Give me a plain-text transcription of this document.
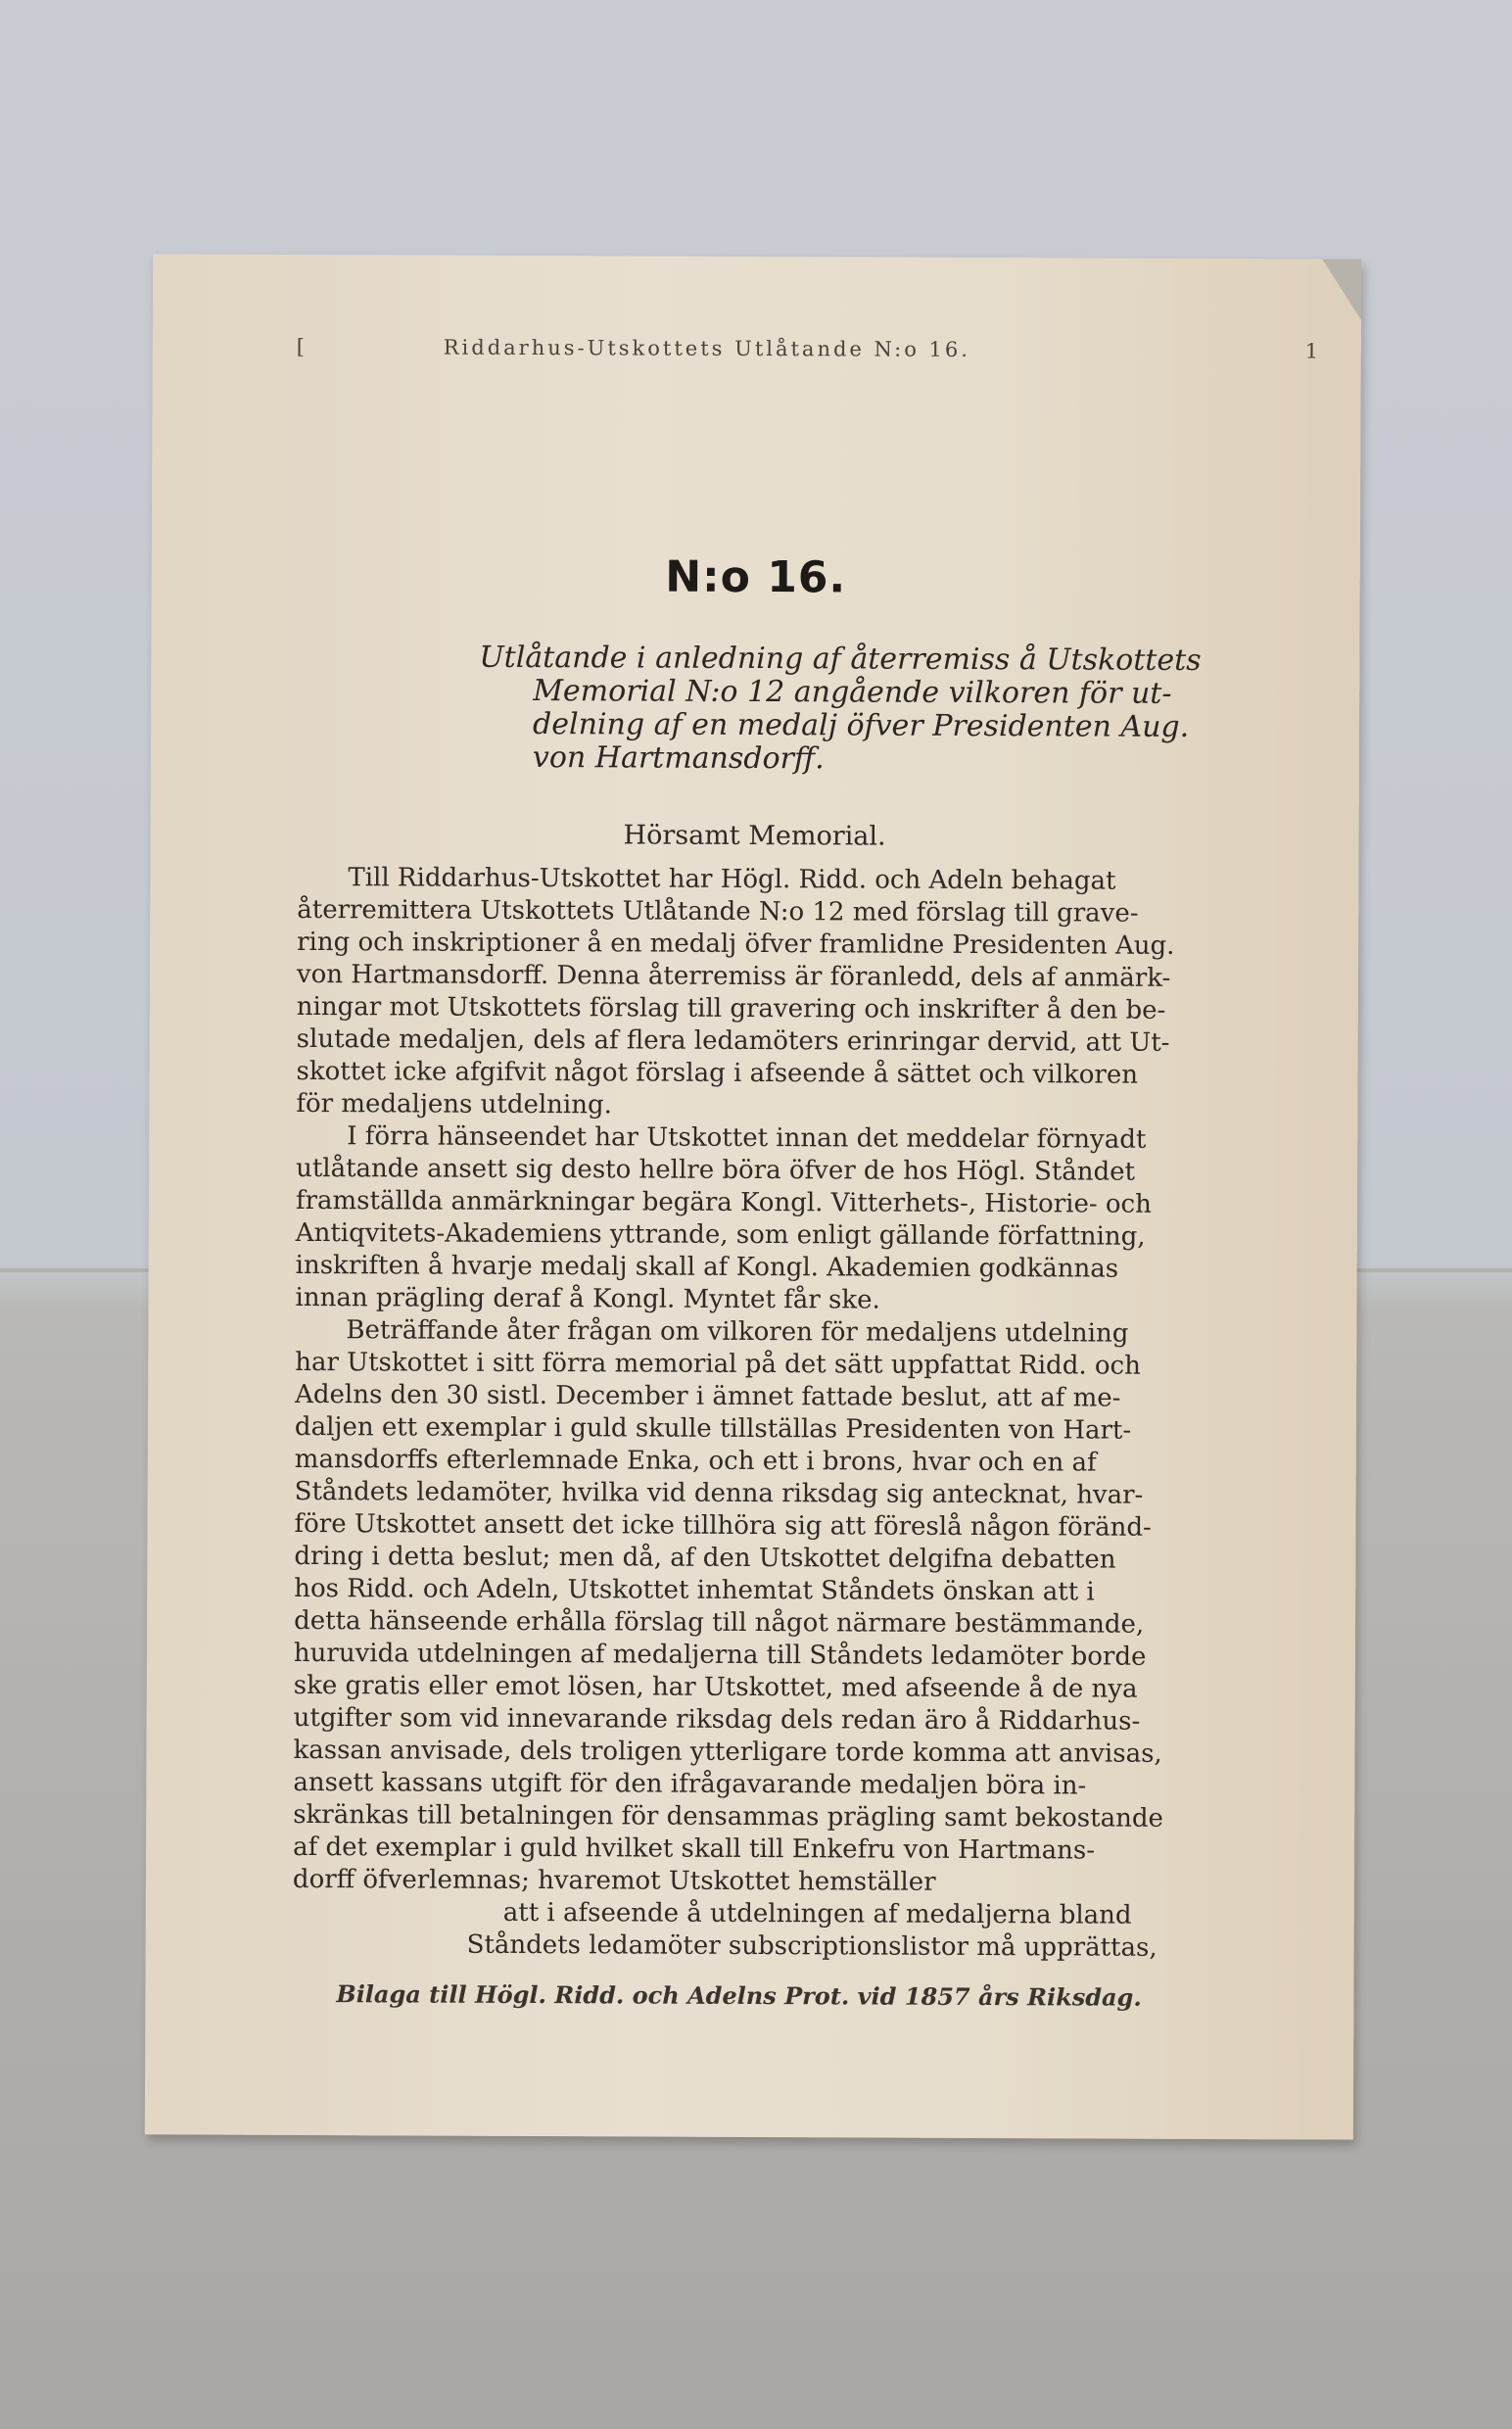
[	Riddarhus-Utskottets Utlåtande N:o 16.	1
N:o 16.
Utlåtande i anledning af återremiss å Utskottets
Memorial N:o 12 angående vilkoren för ut-
delning af en medalj öfver Presidenten Aug.
von Hartmansdorff.
Hörsamt Memorial.
Till Riddarhus-Utskottet har Högl. Ridd. och Adeln behagat
återremittera Utskottets Utlåtande N:o 12 med förslag till grave-
ring och inskriptioner å en medalj öfver framlidne Presidenten Aug.
von Hartmansdorff. Denna återremiss är föranledd, dels af anmärk-
ningar mot Utskottets förslag till gravering och inskrifter å den be-
slutade medaljen, dels af flera ledamöters erinringar dervid, att Ut-
skottet icke afgifvit något förslag i afseende å sättet och vilkoren
för medaljens utdelning.
I förra hänseendet har Utskottet innan det meddelar förnyadt
utlåtande ansett sig desto hellre böra öfver de hos Högl. Ståndet
framställda anmärkningar begära Kongl. Vitterhets-, Historie- och
Antiqvitets-Akademiens yttrande, som enligt gällande författning,
inskriften å hvarje medalj skall af Kongl. Akademien godkännas
innan prägling deraf å Kongl. Myntet får ske.
Beträffande åter frågan om vilkoren för medaljens utdelning
har Utskottet i sitt förra memorial på det sätt uppfattat Ridd. och
Adelns den 30 sistl. December i ämnet fattade beslut, att af me-
daljen ett exemplar i guld skulle tillställas Presidenten von Hart-
mansdorffs efterlemnade Enka, och ett i brons, hvar och en af
Ståndets ledamöter, hvilka vid denna riksdag sig antecknat, hvar-
före Utskottet ansett det icke tillhöra sig att föreslå någon föränd-
dring i detta beslut; men då, af den Utskottet delgifna debatten
hos Ridd. och Adeln, Utskottet inhemtat Ståndets önskan att i
detta hänseende erhålla förslag till något närmare bestämmande,
huruvida utdelningen af medaljerna till Ståndets ledamöter borde
ske gratis eller emot lösen, har Utskottet, med afseende å de nya
utgifter som vid innevarande riksdag dels redan äro å Riddarhus-
kassan anvisade, dels troligen ytterligare torde komma att anvisas,
ansett kassans utgift för den ifrågavarande medaljen böra in-
skränkas till betalningen för densammas prägling samt bekostande
af det exemplar i guld hvilket skall till Enkefru von Hartmans-
dorff öfverlemnas; hvaremot Utskottet hemställer
att i afseende å utdelningen af medaljerna bland
Ståndets ledamöter subscriptionslistor må upprättas,
Bilaga till Högl. Ridd. och Adelns Prot. vid 1857 års Riksdag.
